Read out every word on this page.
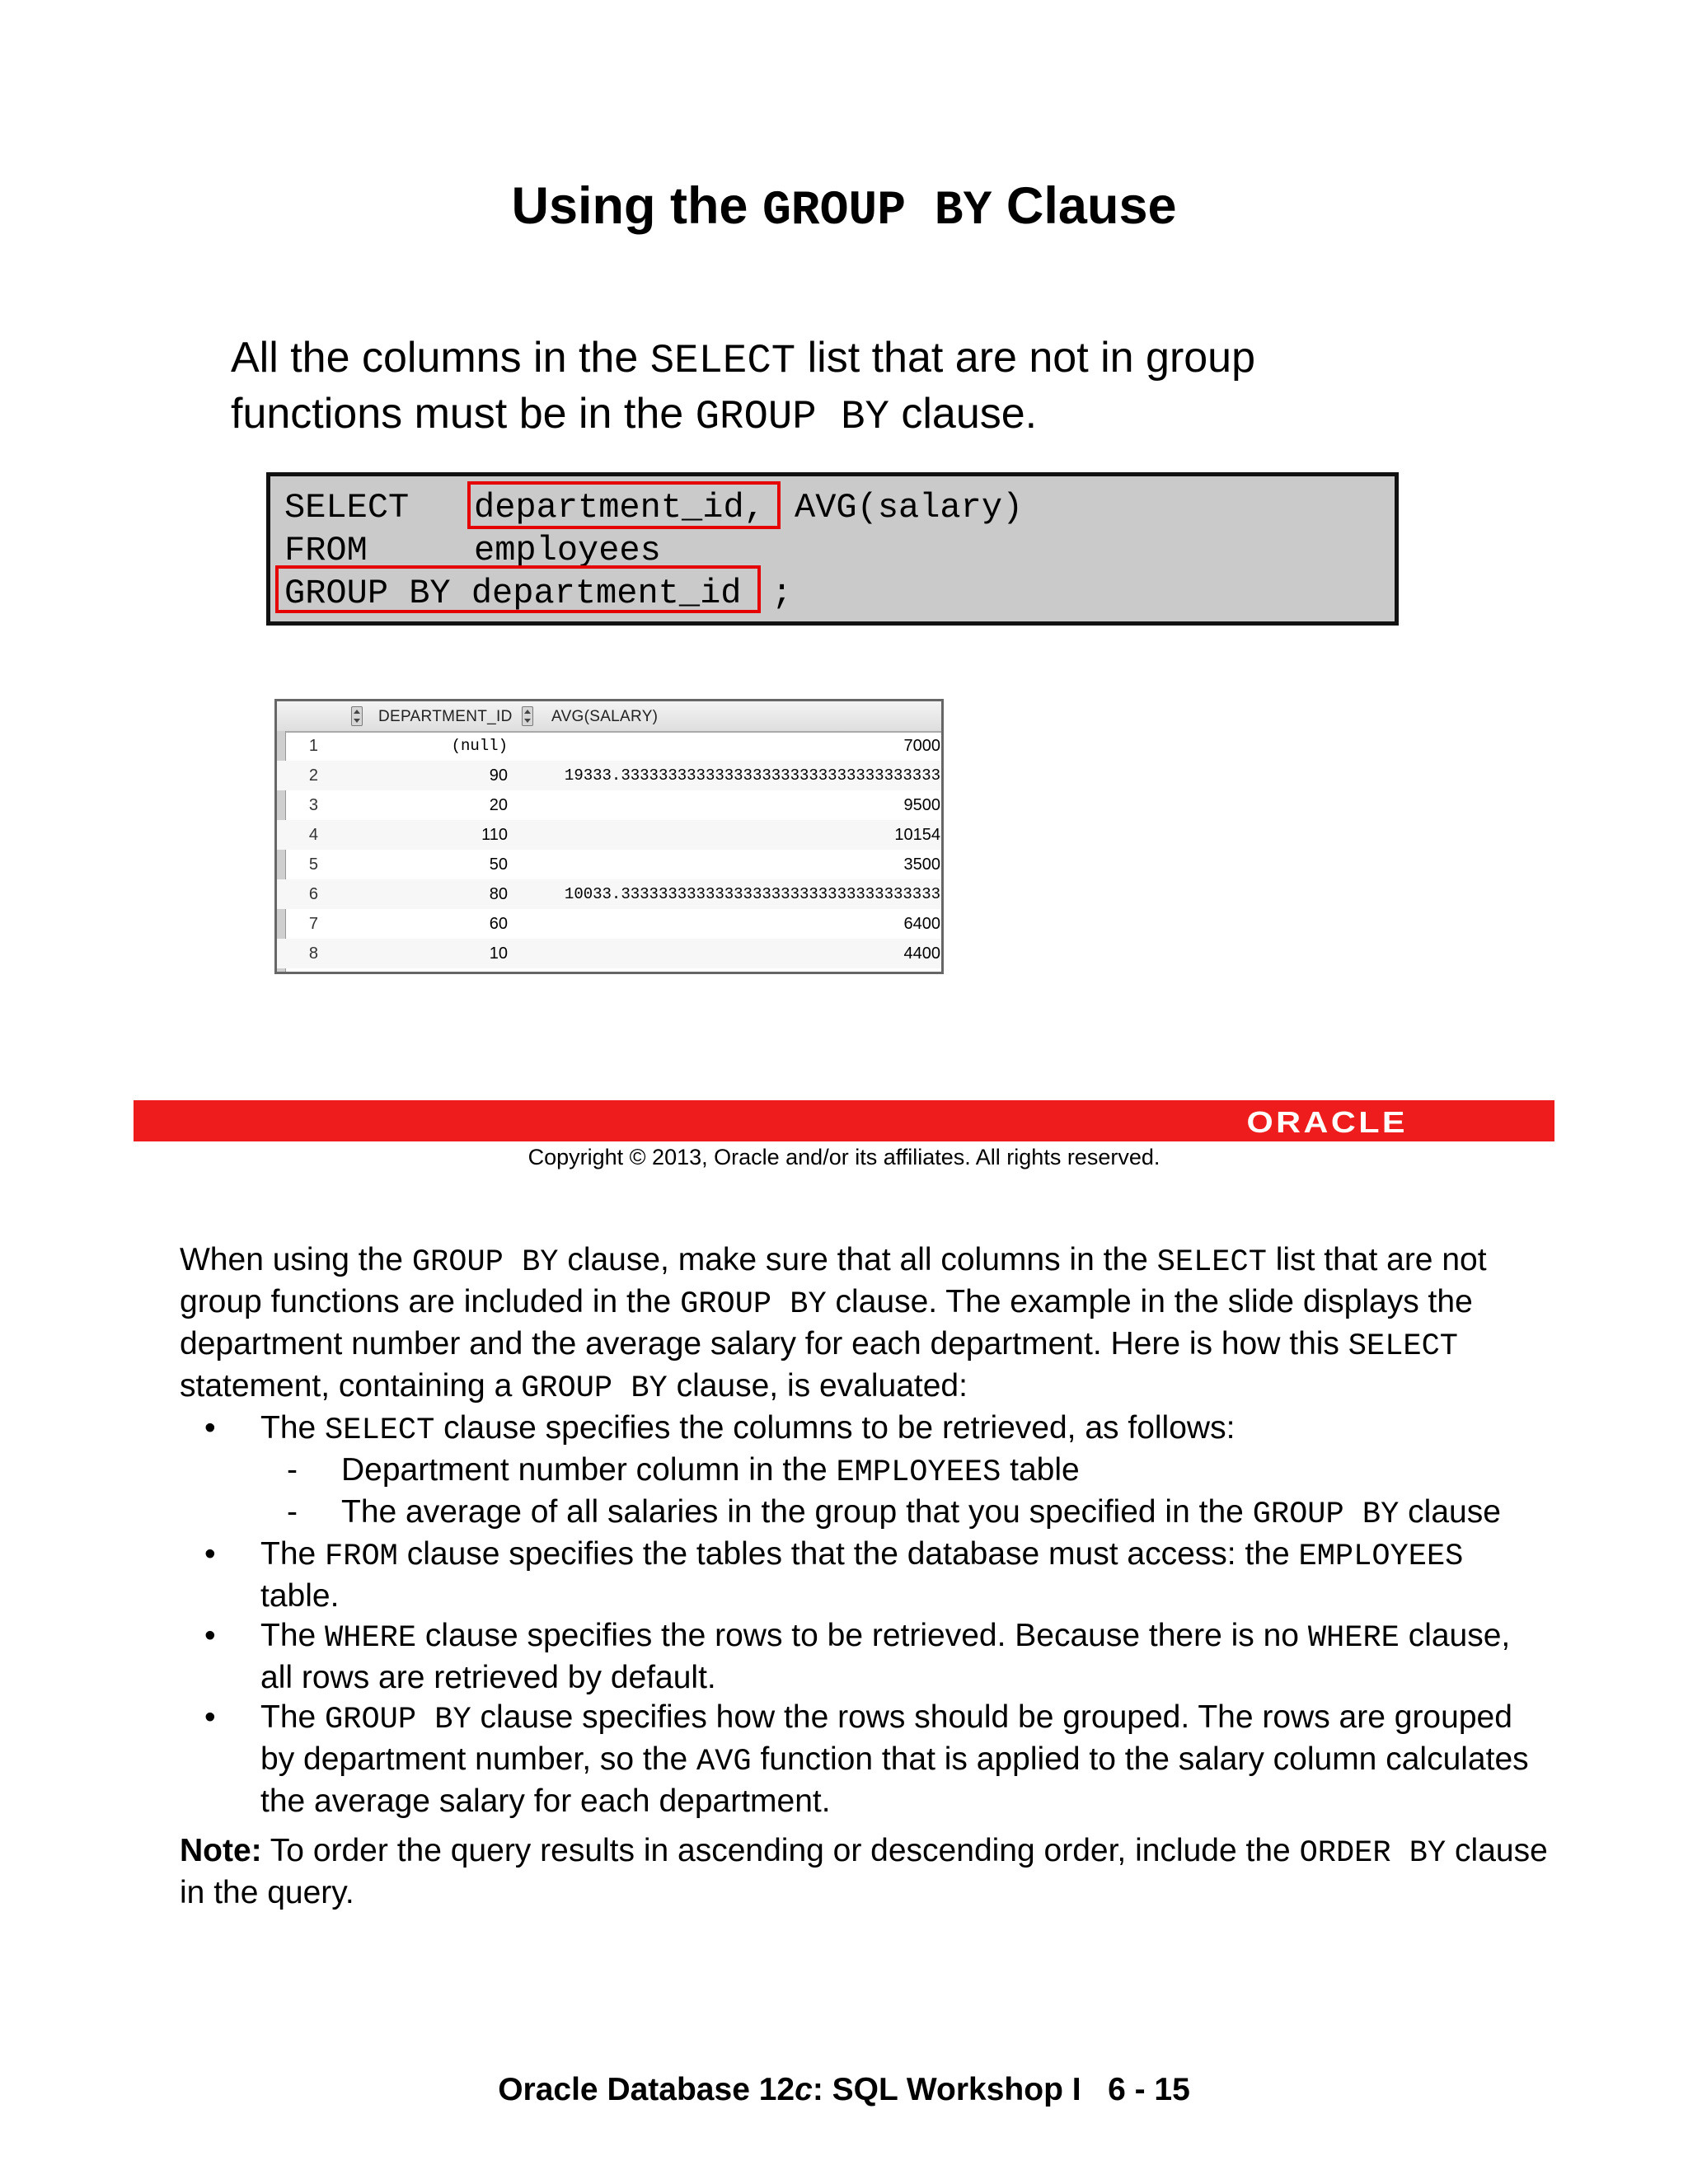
Using the GROUP BY Clause
All the columns in the SELECT list that are not in group
functions must be in the GROUP BY clause.
SELECT department_id, AVG(salary)
FROM	employees
GROUP BY department_id ;
DEPARTMENT_ID AVG(SALARY)
1	(null)	7000
2	90	19333.3333333333333333333333333333333333
3	20	9500
4	110	10154
5	50	3500
6	80	10033.3333333333333333333333333333333333
7	60	6400
8	10	4400
ORACLE
Copyright © 2013, Oracle and/or its affiliates. All rights reserved.

When using the GROUP BY clause, make sure that all columns in the SELECT list that are not group functions are included in the GROUP BY clause. The example in the slide displays the department number and the average salary for each department. Here is how this SELECT statement, containing a GROUP BY clause, is evaluated:

• The SELECT clause specifies the columns to be retrieved, as follows:

- Department number column in the EMPLOYEES table

- The average of all salaries in the group that you specified in the GROUP BY clause

• The FROM clause specifies the tables that the database must access: the EMPLOYEES table.

• The WHERE clause specifies the rows to be retrieved. Because there is no WHERE clause, all rows are retrieved by default.

• The GROUP BY clause specifies how the rows should be grouped. The rows are grouped by department number, so the AVG function that is applied to the salary column calculates the average salary for each department.

Note: To order the query results in ascending or descending order, include the ORDER BY clause in the query.

Oracle Database 12c: SQL Workshop I   6 - 15
